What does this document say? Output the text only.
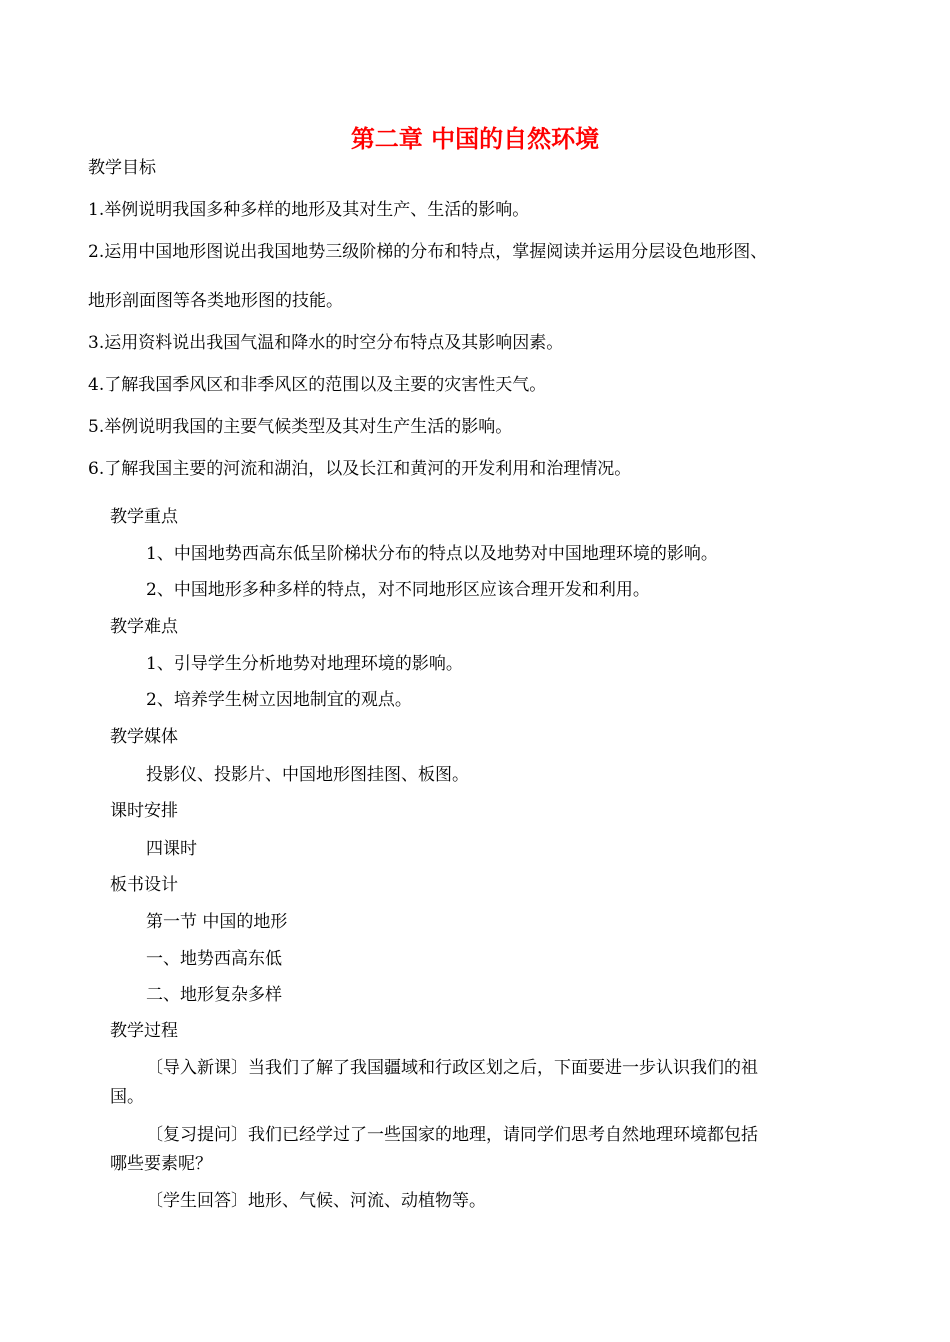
第二章 中国的自然环境
教学目标
1.举例说明我国多种多样的地形及其对生产、生活的影响。
2.运用中国地形图说出我国地势三级阶梯的分布和特点，掌握阅读并运用分层设色地形图、
地形剖面图等各类地形图的技能。
3.运用资料说出我国气温和降水的时空分布特点及其影响因素。
4.了解我国季风区和非季风区的范围以及主要的灾害性天气。
5.举例说明我国的主要气候类型及其对生产生活的影响。
6.了解我国主要的河流和湖泊，以及长江和黄河的开发利用和治理情况。
教学重点
1、中国地势西高东低呈阶梯状分布的特点以及地势对中国地理环境的影响。
2、中国地形多种多样的特点，对不同地形区应该合理开发和利用。
教学难点
1、引导学生分析地势对地理环境的影响。
2、培养学生树立因地制宜的观点。
教学媒体
投影仪、投影片、中国地形图挂图、板图。
课时安排
四课时
板书设计
第一节 中国的地形
一、地势西高东低
二、地形复杂多样
教学过程
〔导入新课〕当我们了解了我国疆域和行政区划之后，下面要进一步认识我们的祖
国。
〔复习提问〕我们已经学过了一些国家的地理，请同学们思考自然地理环境都包括
哪些要素呢？
〔学生回答〕地形、气候、河流、动植物等。
